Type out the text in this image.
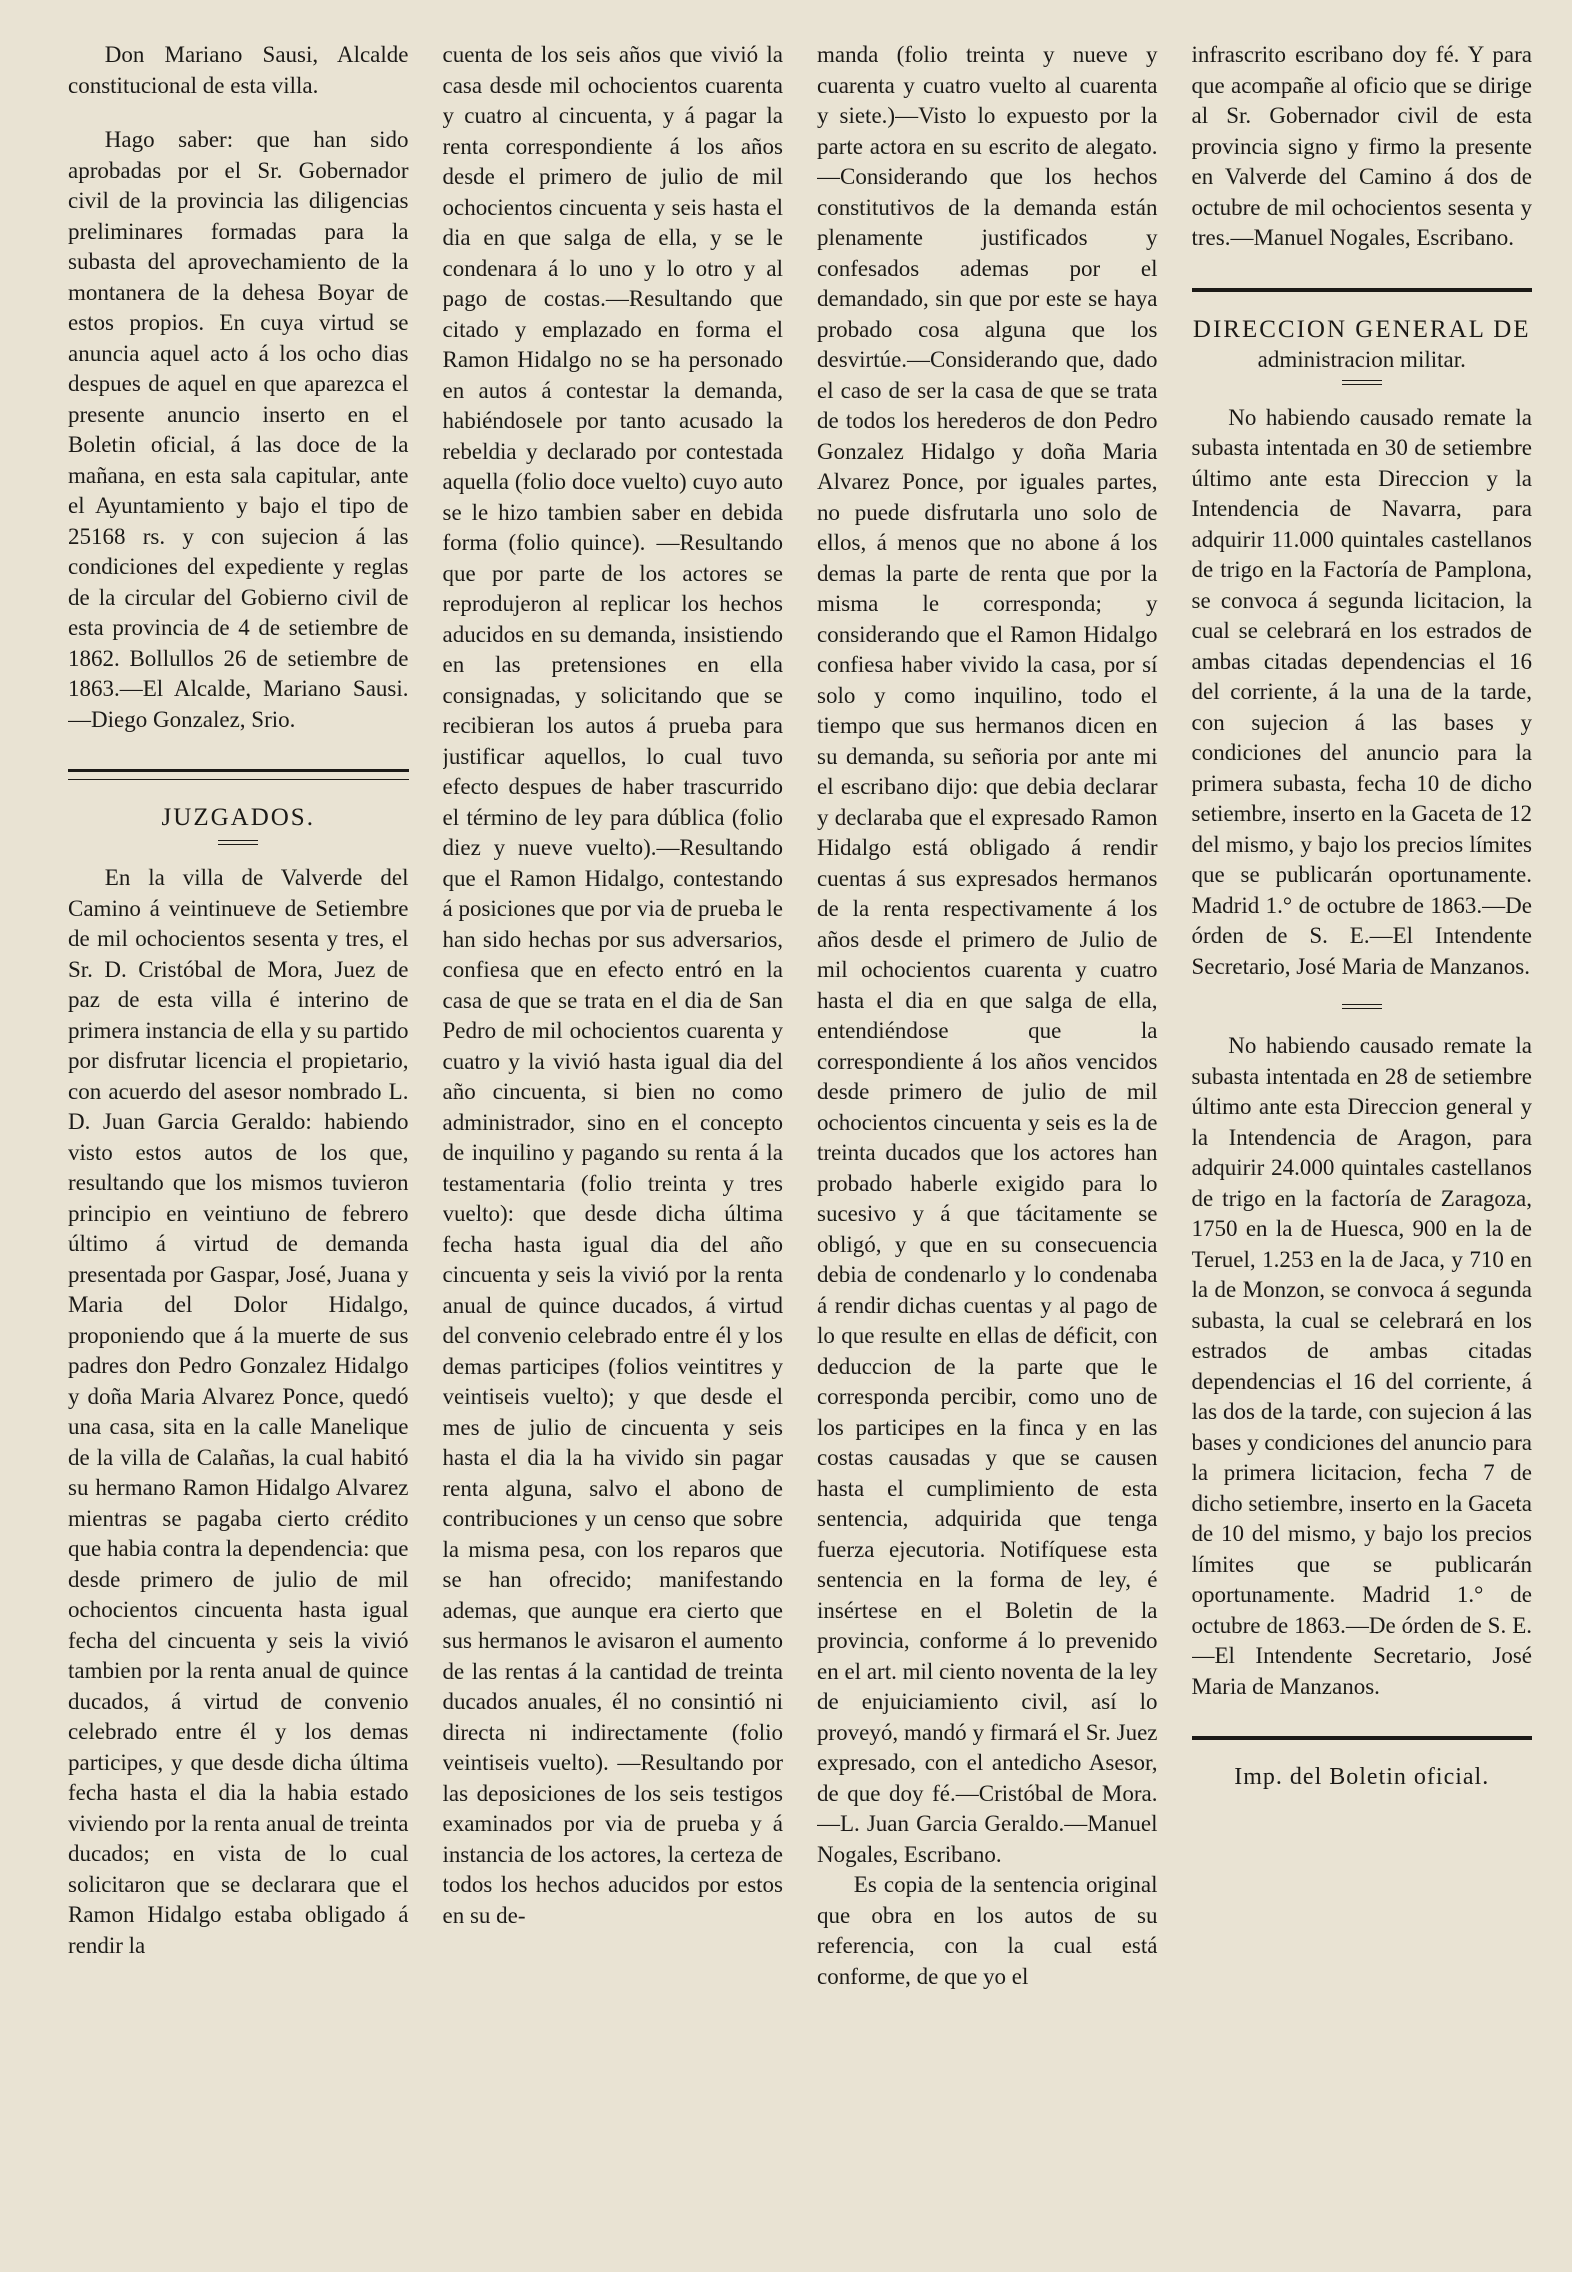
Don Mariano Sausi, Alcalde constitucional de esta villa.

Hago saber: que han sido aprobadas por el Sr. Gobernador civil de la provincia las diligencias preliminares formadas para la subasta del aprovechamiento de la montanera de la dehesa Boyar de estos propios. En cuya virtud se anuncia aquel acto á los ocho dias despues de aquel en que aparezca el presente anuncio inserto en el Boletin oficial, á las doce de la mañana, en esta sala capitular, ante el Ayuntamiento y bajo el tipo de 25168 rs. y con sujecion á las condiciones del expediente y reglas de la circular del Gobierno civil de esta provincia de 4 de setiembre de 1862. Bollullos 26 de setiembre de 1863.—El Alcalde, Mariano Sausi.—Diego Gonzalez, Srio.

JUZGADOS.

En la villa de Valverde del Camino á veintinueve de Setiembre de mil ochocientos sesenta y tres, el Sr. D. Cristóbal de Mora, Juez de paz de esta villa é interino de primera instancia de ella y su partido por disfrutar licencia el propietario, con acuerdo del asesor nombrado L. D. Juan Garcia Geraldo: habiendo visto estos autos de los que, resultando que los mismos tuvieron principio en veintiuno de febrero último á virtud de demanda presentada por Gaspar, José, Juana y Maria del Dolor Hidalgo, proponiendo que á la muerte de sus padres don Pedro Gonzalez Hidalgo y doña Maria Alvarez Ponce, quedó una casa, sita en la calle Manelique de la villa de Calañas, la cual habitó su hermano Ramon Hidalgo Alvarez mientras se pagaba cierto crédito que habia contra la dependencia: que desde primero de julio de mil ochocientos cincuenta hasta igual fecha del cincuenta y seis la vivió tambien por la renta anual de quince ducados, á virtud de convenio celebrado entre él y los demas participes, y que desde dicha última fecha hasta el dia la habia estado viviendo por la renta anual de treinta ducados; en vista de lo cual solicitaron que se declarara que el Ramon Hidalgo estaba obligado á rendir la

cuenta de los seis años que vivió la casa desde mil ochocientos cuarenta y cuatro al cincuenta, y á pagar la renta correspondiente á los años desde el primero de julio de mil ochocientos cincuenta y seis hasta el dia en que salga de ella, y se le condenara á lo uno y lo otro y al pago de costas.—Resultando que citado y emplazado en forma el Ramon Hidalgo no se ha personado en autos á contestar la demanda, habiéndosele por tanto acusado la rebeldia y declarado por contestada aquella (folio doce vuelto) cuyo auto se le hizo tambien saber en debida forma (folio quince). —Resultando que por parte de los actores se reprodujeron al replicar los hechos aducidos en su demanda, insistiendo en las pretensiones en ella consignadas, y solicitando que se recibieran los autos á prueba para justificar aquellos, lo cual tuvo efecto despues de haber trascurrido el término de ley para dública (folio diez y nueve vuelto).—Resultando que el Ramon Hidalgo, contestando á posiciones que por via de prueba le han sido hechas por sus adversarios, confiesa que en efecto entró en la casa de que se trata en el dia de San Pedro de mil ochocientos cuarenta y cuatro y la vivió hasta igual dia del año cincuenta, si bien no como administrador, sino en el concepto de inquilino y pagando su renta á la testamentaria (folio treinta y tres vuelto): que desde dicha última fecha hasta igual dia del año cincuenta y seis la vivió por la renta anual de quince ducados, á virtud del convenio celebrado entre él y los demas participes (folios veintitres y veintiseis vuelto); y que desde el mes de julio de cincuenta y seis hasta el dia la ha vivido sin pagar renta alguna, salvo el abono de contribuciones y un censo que sobre la misma pesa, con los reparos que se han ofrecido; manifestando ademas, que aunque era cierto que sus hermanos le avisaron el aumento de las rentas á la cantidad de treinta ducados anuales, él no consintió ni directa ni indirectamente (folio veintiseis vuelto). —Resultando por las deposiciones de los seis testigos examinados por via de prueba y á instancia de los actores, la certeza de todos los hechos aducidos por estos en su de-

manda (folio treinta y nueve y cuarenta y cuatro vuelto al cuarenta y siete.)—Visto lo expuesto por la parte actora en su escrito de alegato.—Considerando que los hechos constitutivos de la demanda están plenamente justificados y confesados ademas por el demandado, sin que por este se haya probado cosa alguna que los desvirtúe.—Considerando que, dado el caso de ser la casa de que se trata de todos los herederos de don Pedro Gonzalez Hidalgo y doña Maria Alvarez Ponce, por iguales partes, no puede disfrutarla uno solo de ellos, á menos que no abone á los demas la parte de renta que por la misma le corresponda; y considerando que el Ramon Hidalgo confiesa haber vivido la casa, por sí solo y como inquilino, todo el tiempo que sus hermanos dicen en su demanda, su señoria por ante mi el escribano dijo: que debia declarar y declaraba que el expresado Ramon Hidalgo está obligado á rendir cuentas á sus expresados hermanos de la renta respectivamente á los años desde el primero de Julio de mil ochocientos cuarenta y cuatro hasta el dia en que salga de ella, entendiéndose que la correspondiente á los años vencidos desde primero de julio de mil ochocientos cincuenta y seis es la de treinta ducados que los actores han probado haberle exigido para lo sucesivo y á que tácitamente se obligó, y que en su consecuencia debia de condenarlo y lo condenaba á rendir dichas cuentas y al pago de lo que resulte en ellas de déficit, con deduccion de la parte que le corresponda percibir, como uno de los participes en la finca y en las costas causadas y que se causen hasta el cumplimiento de esta sentencia, adquirida que tenga fuerza ejecutoria. Notifíquese esta sentencia en la forma de ley, é insértese en el Boletin de la provincia, conforme á lo prevenido en el art. mil ciento noventa de la ley de enjuiciamiento civil, así lo proveyó, mandó y firmará el Sr. Juez expresado, con el antedicho Asesor, de que doy fé.—Cristóbal de Mora.—L. Juan Garcia Geraldo.—Manuel Nogales, Escribano.

Es copia de la sentencia original que obra en los autos de su referencia, con la cual está conforme, de que yo el

infrascrito escribano doy fé. Y para que acompañe al oficio que se dirige al Sr. Gobernador civil de esta provincia signo y firmo la presente en Valverde del Camino á dos de octubre de mil ochocientos sesenta y tres.—Manuel Nogales, Escribano.

DIRECCION GENERAL DE
administracion militar.

No habiendo causado remate la subasta intentada en 30 de setiembre último ante esta Direccion y la Intendencia de Navarra, para adquirir 11.000 quintales castellanos de trigo en la Factoría de Pamplona, se convoca á segunda licitacion, la cual se celebrará en los estrados de ambas citadas dependencias el 16 del corriente, á la una de la tarde, con sujecion á las bases y condiciones del anuncio para la primera subasta, fecha 10 de dicho setiembre, inserto en la Gaceta de 12 del mismo, y bajo los precios límites que se publicarán oportunamente. Madrid 1.° de octubre de 1863.—De órden de S. E.—El Intendente Secretario, José Maria de Manzanos.

No habiendo causado remate la subasta intentada en 28 de setiembre último ante esta Direccion general y la Intendencia de Aragon, para adquirir 24.000 quintales castellanos de trigo en la factoría de Zaragoza, 1750 en la de Huesca, 900 en la de Teruel, 1.253 en la de Jaca, y 710 en la de Monzon, se convoca á segunda subasta, la cual se celebrará en los estrados de ambas citadas dependencias el 16 del corriente, á las dos de la tarde, con sujecion á las bases y condiciones del anuncio para la primera licitacion, fecha 7 de dicho setiembre, inserto en la Gaceta de 10 del mismo, y bajo los precios límites que se publicarán oportunamente. Madrid 1.° de octubre de 1863.—De órden de S. E.—El Intendente Secretario, José Maria de Manzanos.

Imp. del Boletin oficial.
